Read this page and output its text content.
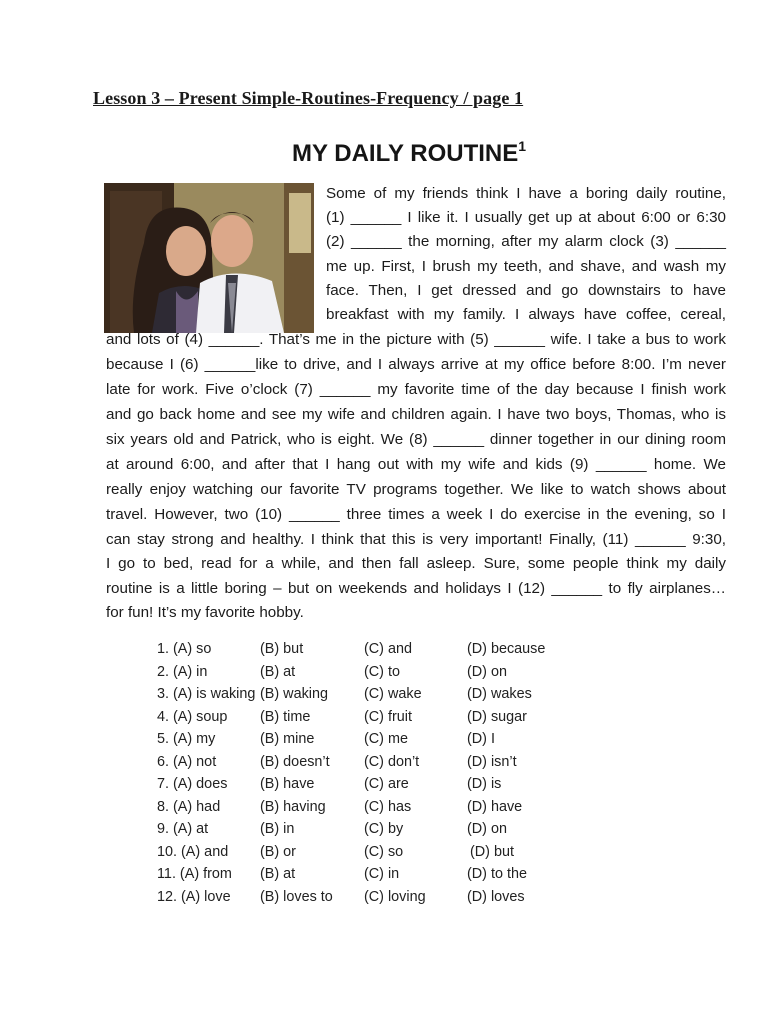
Lesson 3 – Present Simple-Routines-Frequency / page 1
MY DAILY ROUTINE$^1$
Some of my friends think I have a boring daily routine,
(1) ______ I like it. I usually get up at about 6:00 or 6:30
(2) ______ the morning, after my alarm clock (3) ______
me up. First, I brush my teeth, and shave, and wash my
face. Then, I get dressed and go downstairs to have
breakfast with my family. I always have coffee, cereal,
and lots of (4) ______. That’s me in the picture with (5) ______ wife. I take a bus to work
because I (6) ______like to drive, and I always arrive at my office before 8:00. I’m never
late for work. Five o’clock (7) ______ my favorite time of the day because I finish work
and go back home and see my wife and children again. I have two boys, Thomas, who is
six years old and Patrick, who is eight. We (8) ______ dinner together in our dining room
at around 6:00, and after that I hang out with my wife and kids (9) ______ home. We
really enjoy watching our favorite TV programs together. We like to watch shows about
travel. However, two (10) ______ three times a week I do exercise in the evening, so I
can stay strong and healthy. I think that this is very important! Finally, (11) ______ 9:30,
I go to bed, read for a while, and then fall asleep. Sure, some people think my daily
routine is a little boring – but on weekends and holidays I (12) ______ to fly airplanes…
for fun! It’s my favorite hobby.
1. (A) so	(B) but	(C) and	(D) because
2. (A) in	(B) at	(C) to	(D) on
3. (A) is waking (B) waking	(C) wake	(D) wakes
4. (A) soup (B) time	(C) fruit	(D) sugar
5. (A) my	(B) mine	(C) me	(D) I
6. (A) not	(B) doesn’t (C) don’t	(D) isn’t
7. (A) does (B) have	(C) are	(D) is
8. (A) had	(B) having	(C) has	(D) have
9. (A) at	(B) in	(C) by	(D) on
10. (A) and (B) or	(C) so	(D) but
11. (A) from (B) at	(C) in	(D) to the
12. (A) love (B) loves to (C) loving	(D) loves
